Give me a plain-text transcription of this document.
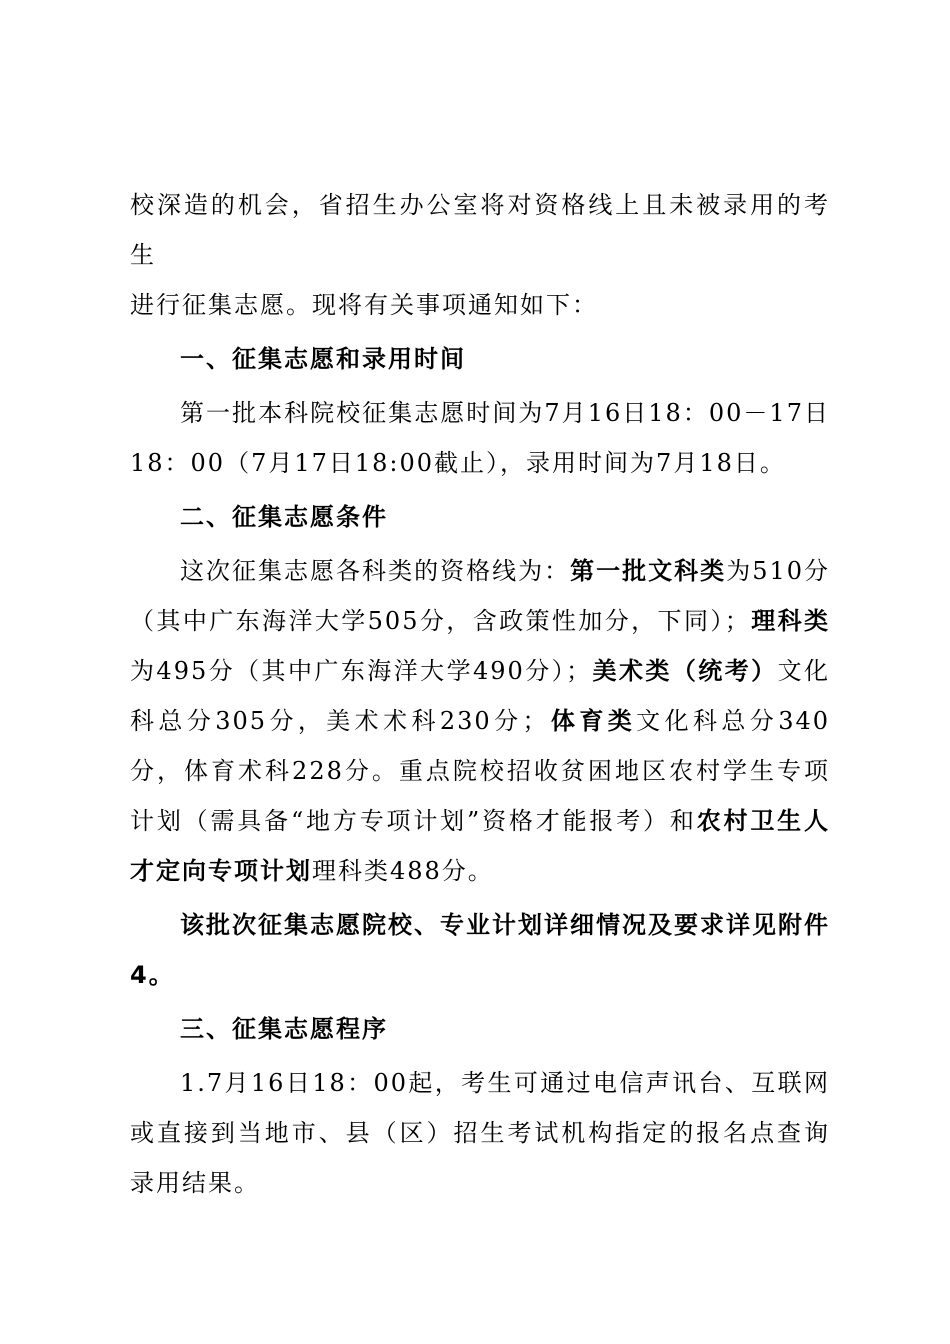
校深造的机会，省招生办公室将对资格线上且未被录用的考生
进行征集志愿。现将有关事项通知如下：

一、征集志愿和录用时间

第一批本科院校征集志愿时间为7月16日18：00－17日18：00（7月17日18:00截止），录用时间为7月18日。

二、征集志愿条件

这次征集志愿各科类的资格线为：第一批文科类为510分（其中广东海洋大学505分，含政策性加分，下同）；理科类为495分（其中广东海洋大学490分）；美术类（统考）文化科总分305分，美术术科230分；体育类文化科总分340分，体育术科228分。重点院校招收贫困地区农村学生专项计划（需具备“地方专项计划”资格才能报考）和农村卫生人才定向专项计划理科类488分。

该批次征集志愿院校、专业计划详细情况及要求详见附件4。

三、征集志愿程序

1.7月16日18：00起，考生可通过电信声讯台、互联网或直接到当地市、县（区）招生考试机构指定的报名点查询录用结果。
